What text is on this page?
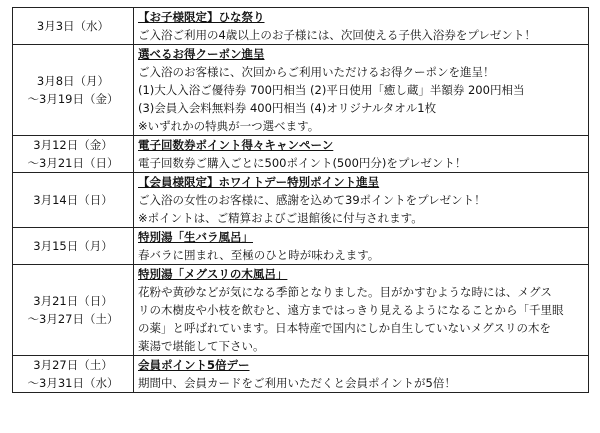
3月3日（水）	【お子様限定】ひな祭り
ご入浴ご利用の4歳以上のお子様には、次回使える子供入浴券をプレゼント！

3月8日（月）
～3月19日（金）	選べるお得クーポン進呈
ご入浴のお客様に、次回からご利用いただけるお得クーポンを進呈！
(1)大人入浴ご優待券 700円相当 (2)平日使用「癒し蔵」半額券 200円相当
(3)会員入会料無料券 400円相当 (4)オリジナルタオル1枚
※いずれかの特典が一つ選べます。

3月12日（金）
～3月21日（日）	電子回数券ポイント得々キャンペーン
電子回数券ご購入ごとに500ポイント(500円分)をプレゼント！

3月14日（日）	【会員様限定】ホワイトデー特別ポイント進呈
ご入浴の女性のお客様に、感謝を込めて39ポイントをプレゼント！
※ポイントは、ご精算およびご退館後に付与されます。

3月15日（月）	特別湯「生バラ風呂」
春バラに囲まれ、至極のひと時が味わえます。

3月21日（日）
～3月27日（土）	特別湯「メグスリの木風呂」
花粉や黄砂などが気になる季節となりました。目がかすむような時には、メグス
リの木樹皮や小枝を飲むと、遠方まではっきり見えるようになることから「千里眼
の薬」と呼ばれています。日本特産で国内にしか自生していないメグスリの木を
薬湯で堪能して下さい。

3月27日（土）
～3月31日（水）	会員ポイント5倍デー
期間中、会員カードをご利用いただくと会員ポイントが5倍！
